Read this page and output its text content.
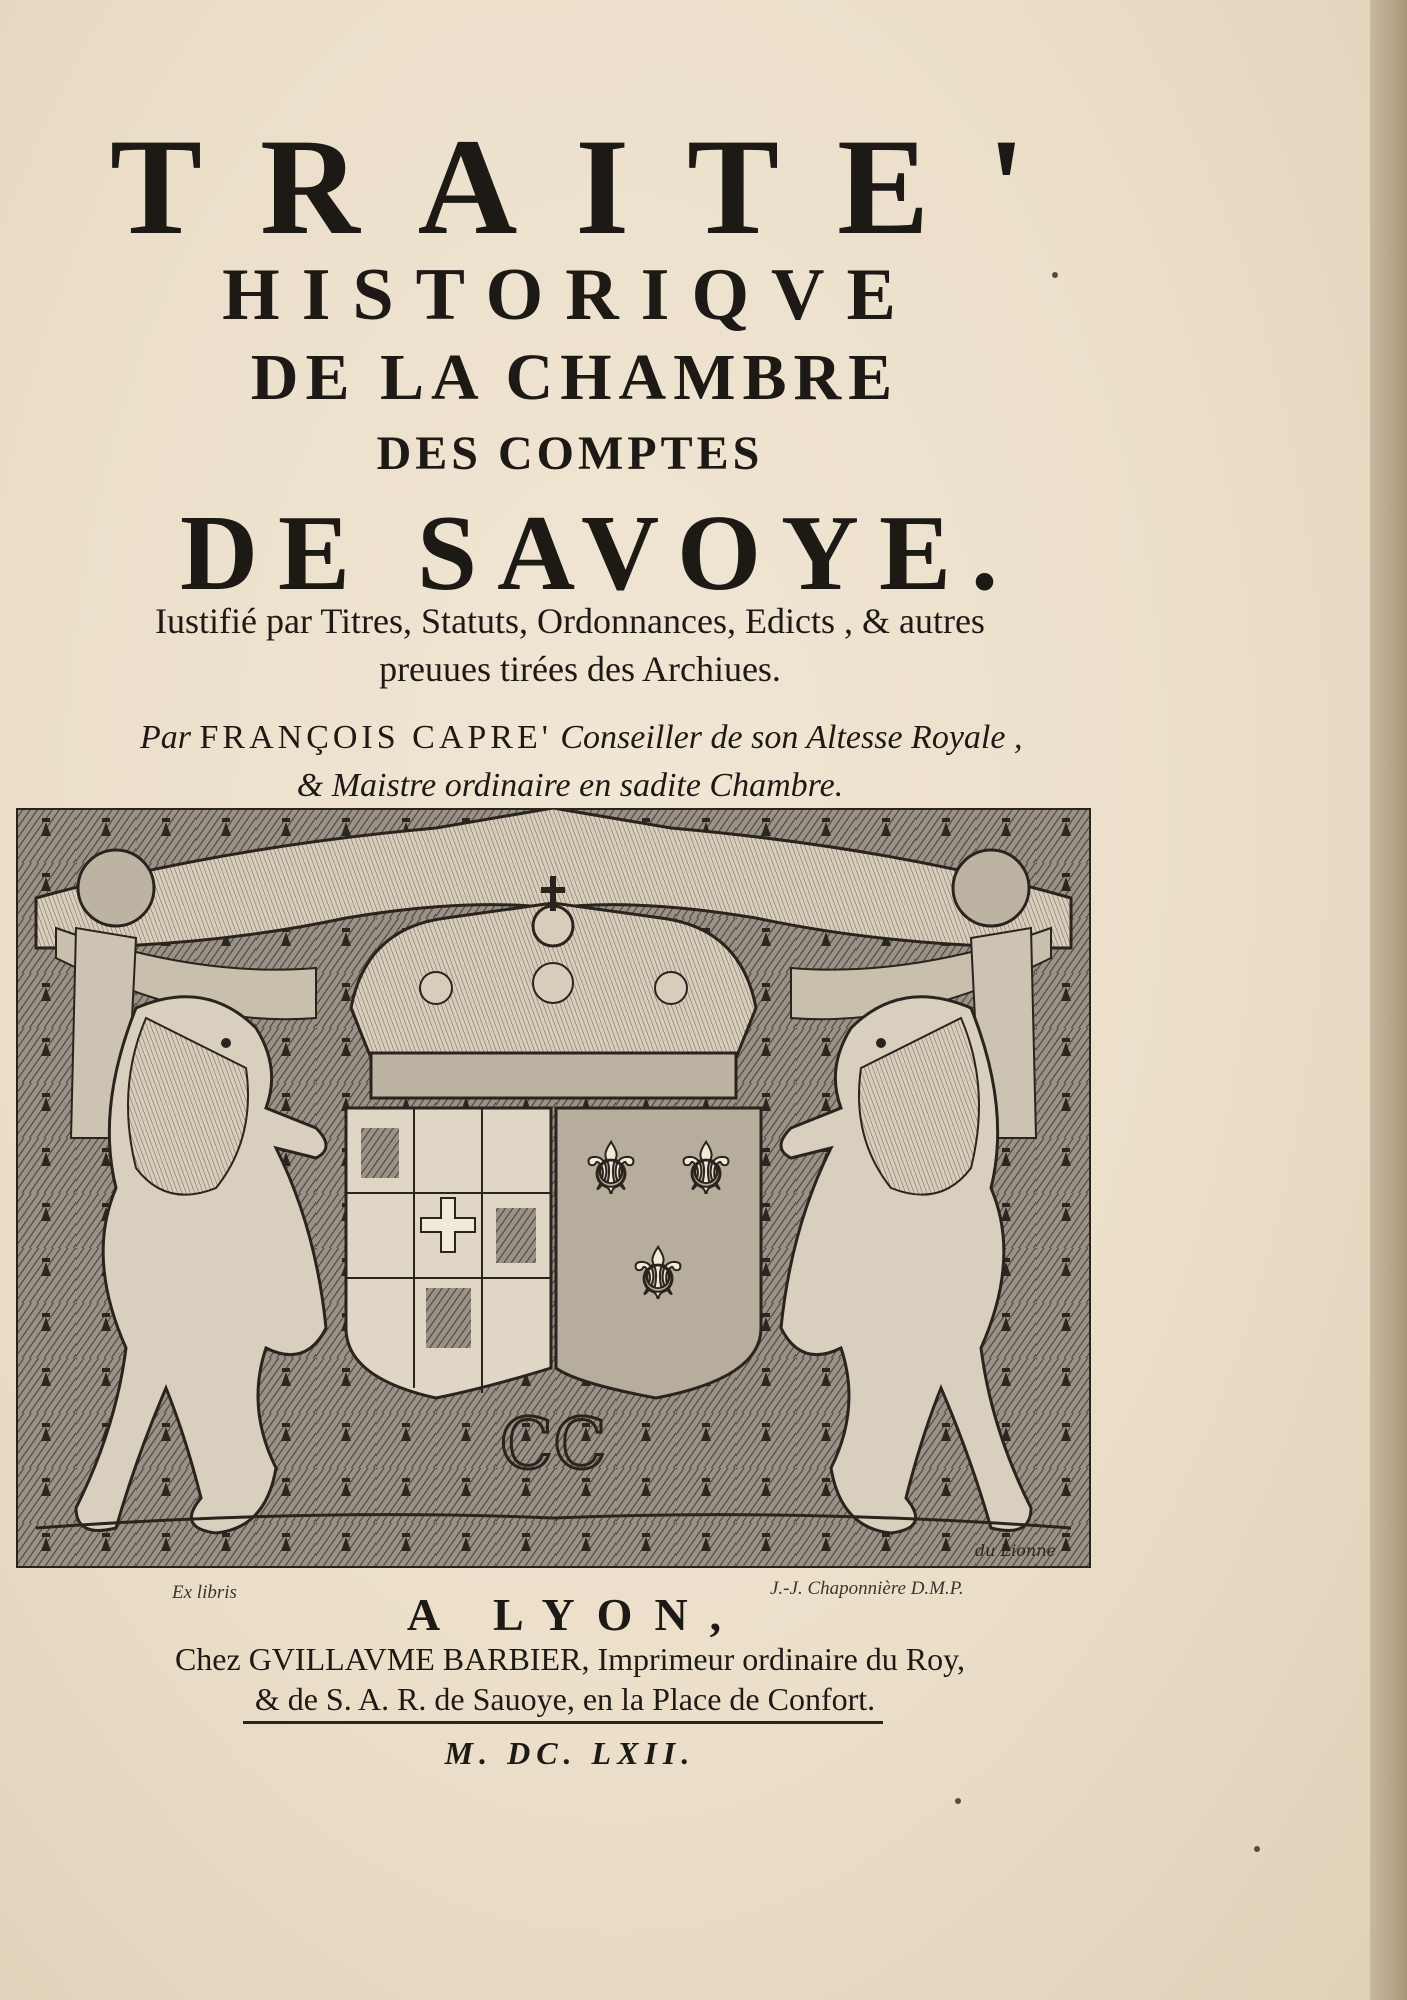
TRAITE'
HISTORIQVE
DE LA CHAMBRE
DES COMPTES
DE SAVOYE.
Iustifié par Titres, Statuts, Ordonnances, Edicts , & autres
preuues tirées des Archiues.
Par FRANÇOIS CAPRE' Conseiller de son Altesse Royale ,
& Maistre ordinaire en sadite Chambre.
⚜ ⚜
⚜
CC
du Lionne
Ex libris	J.-J. Chaponnière D.M.P.
A LYON,
Chez GVILLAVME BARBIER, Imprimeur ordinaire du Roy,
& de S. A. R. de Sauoye, en la Place de Confort.
M. DC. LXII.
